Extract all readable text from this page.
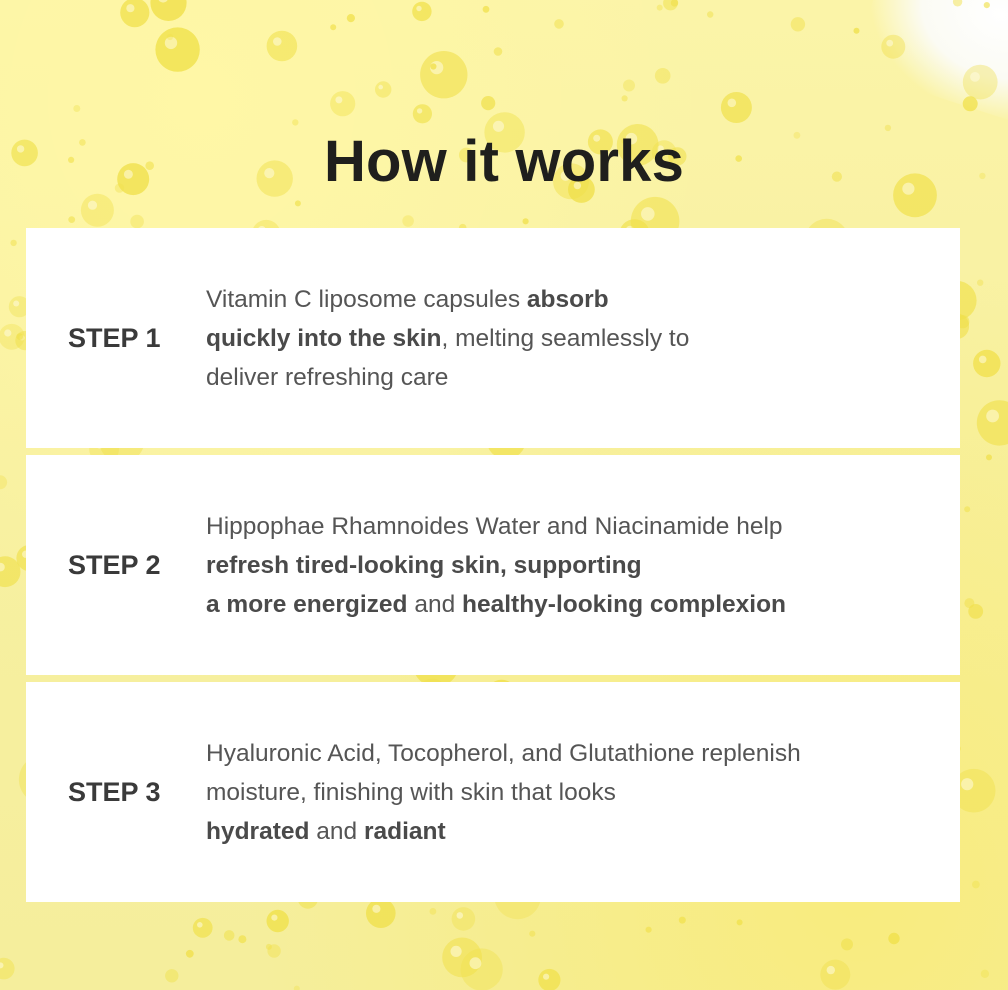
How it works
STEP 1
Vitamin C liposome capsules absorb
quickly into the skin, melting seamlessly to
deliver refreshing care
STEP 2
Hippophae Rhamnoides Water and Niacinamide help
refresh tired-looking skin, supporting
a more energized and healthy-looking complexion
STEP 3
Hyaluronic Acid, Tocopherol, and Glutathione replenish
moisture, finishing with skin that looks
hydrated and radiant
